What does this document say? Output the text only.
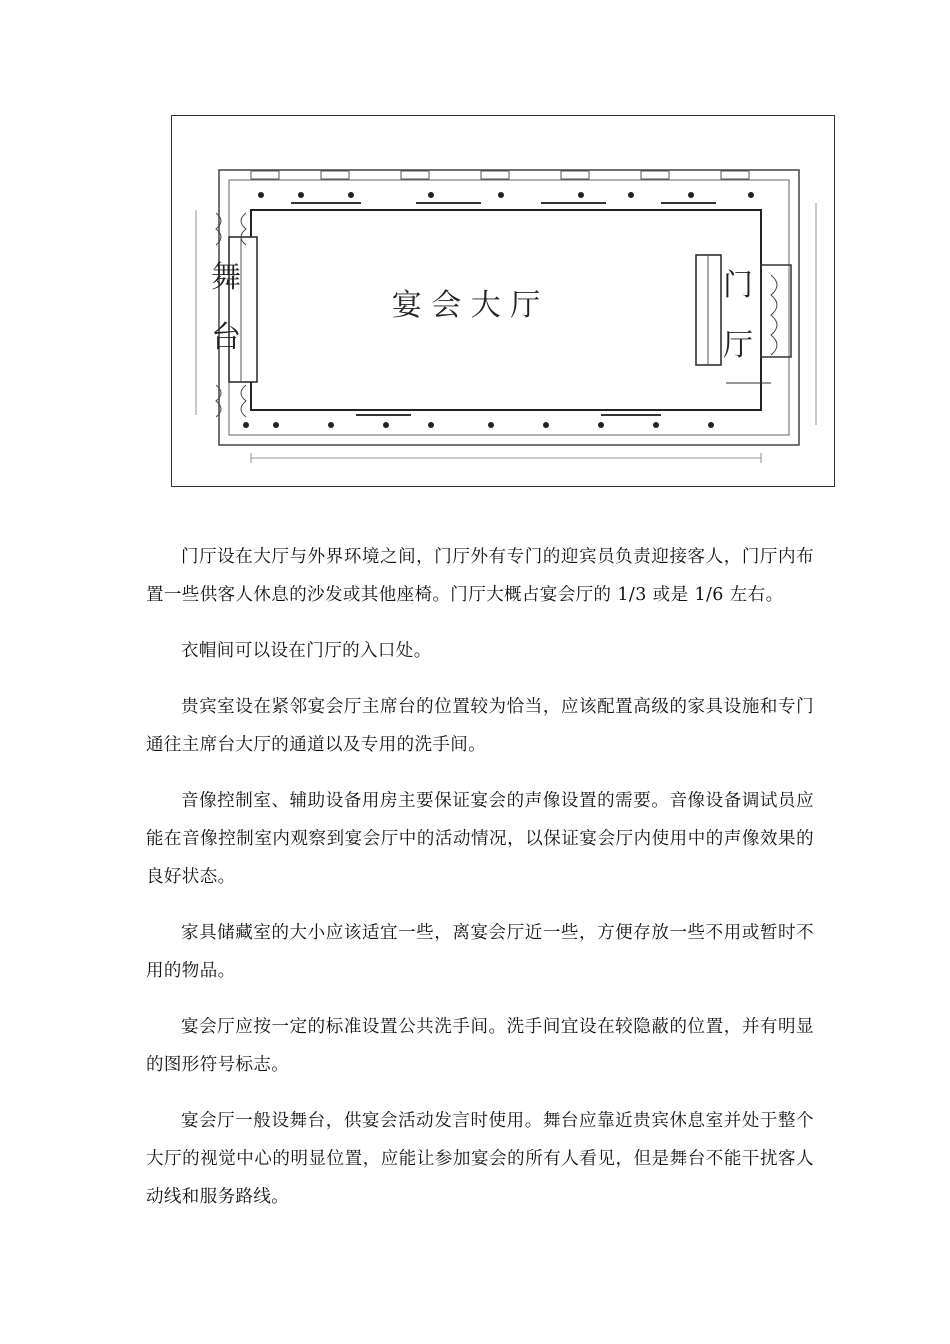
宴 会 大 厅
舞
台
门
厅

门厅设在大厅与外界环境之间，门厅外有专门的迎宾员负责迎接客人，门厅内布置一些供客人休息的沙发或其他座椅。门厅大概占宴会厅的 1/3 或是 1/6 左右。

衣帽间可以设在门厅的入口处。

贵宾室设在紧邻宴会厅主席台的位置较为恰当，应该配置高级的家具设施和专门通往主席台大厅的通道以及专用的洗手间。

音像控制室、辅助设备用房主要保证宴会的声像设置的需要。音像设备调试员应能在音像控制室内观察到宴会厅中的活动情况，以保证宴会厅内使用中的声像效果的良好状态。

家具储藏室的大小应该适宜一些，离宴会厅近一些，方便存放一些不用或暂时不用的物品。

宴会厅应按一定的标准设置公共洗手间。洗手间宜设在较隐蔽的位置，并有明显的图形符号标志。

宴会厅一般设舞台，供宴会活动发言时使用。舞台应靠近贵宾休息室并处于整个大厅的视觉中心的明显位置，应能让参加宴会的所有人看见，但是舞台不能干扰客人动线和服务路线。
